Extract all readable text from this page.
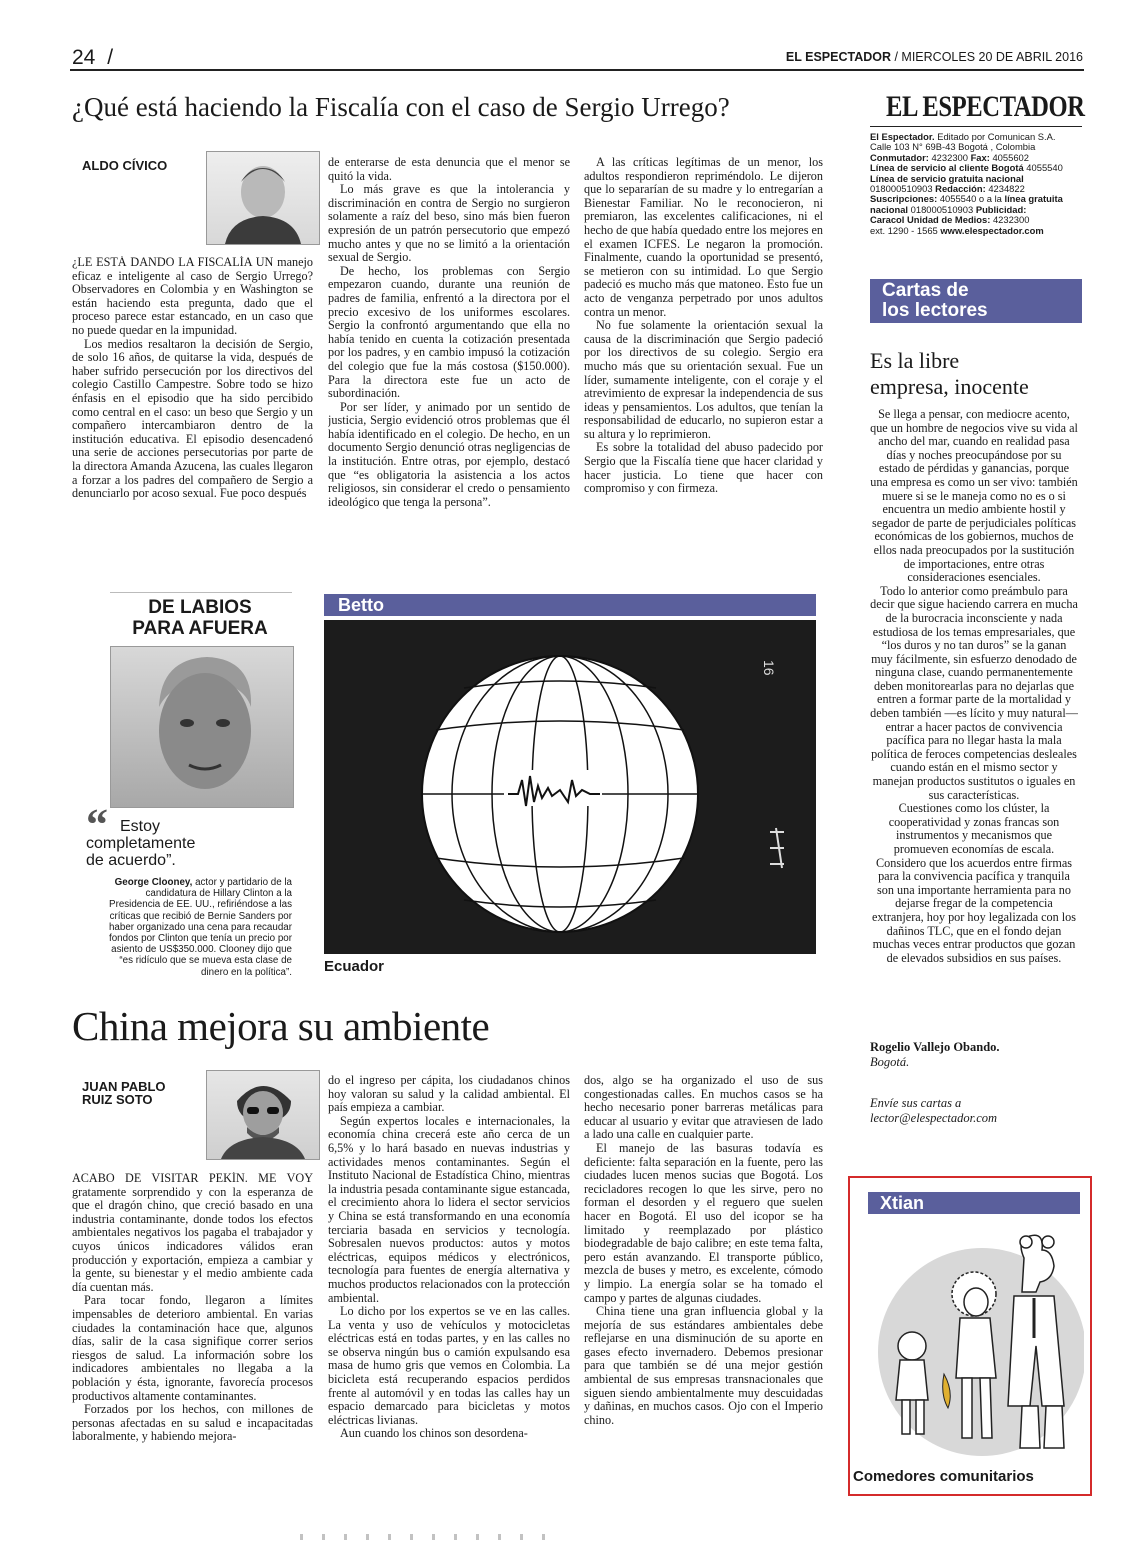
24 /	EL ESPECTADOR / MIERCOLES 20 DE ABRIL 2016
¿Qué está haciendo la Fiscalía con el caso de Sergio Urrego?
ALDO CÍVICO

¿LE ESTÁ DANDO LA FISCALÍA UN manejo eficaz e inteligente al caso de Sergio Urrego? Observadores en Colombia y en Washington se están haciendo esta pregunta, dado que el proceso parece estar estancado, en un caso que no puede quedar en la impunidad.

Los medios resaltaron la decisión de Sergio, de solo 16 años, de quitarse la vida, después de haber sufrido persecución por los directivos del colegio Castillo Campestre. Sobre todo se hizo énfasis en el episodio que ha sido percibido como central en el caso: un beso que Sergio y un compañero intercambiaron dentro de la institución educativa. El episodio desencadenó una serie de acciones persecutorias por parte de la directora Amanda Azucena, las cuales llegaron a forzar a los padres del compañero de Sergio a denunciarlo por acoso sexual. Fue poco después

de enterarse de esta denuncia que el menor se quitó la vida.

Lo más grave es que la intolerancia y discriminación en contra de Sergio no surgieron solamente a raíz del beso, sino más bien fueron expresión de un patrón persecutorio que empezó mucho antes y que no se limitó a la orientación sexual de Sergio.

De hecho, los problemas con Sergio empezaron cuando, durante una reunión de padres de familia, enfrentó a la directora por el precio excesivo de los uniformes escolares. Sergio la confrontó argumentando que ella no había tenido en cuenta la cotización presentada por los padres, y en cambio impusó la cotización del colegio que fue la más costosa ($150.000). Para la directora este fue un acto de subordinación.

Por ser líder, y animado por un sentido de justicia, Sergio evidenció otros problemas que él había identificado en el colegio. De hecho, en un documento Sergio denunció otras negligencias de la institución. Entre otras, por ejemplo, destacó que “es obligatoria la asistencia a los actos religiosos, sin considerar el credo o pensamiento ideológico que tenga la persona”.

A las críticas legítimas de un menor, los adultos respondieron repriméndolo. Le dijeron que lo separarían de su madre y lo entregarían a Bienestar Familiar. No le reconocieron, ni premiaron, las excelentes calificaciones, ni el hecho de que había quedado entre los mejores en el examen ICFES. Le negaron la promoción. Finalmente, cuando la oportunidad se presentó, se metieron con su intimidad. Lo que Sergio padeció es mucho más que matoneo. Esto fue un acto de venganza perpetrado por unos adultos contra un menor.

No fue solamente la orientación sexual la causa de la discriminación que Sergio padeció por los directivos de su colegio. Sergio era mucho más que su orientación sexual. Fue un líder, sumamente inteligente, con el coraje y el atrevimiento de expresar la independencia de sus ideas y pensamientos. Los adultos, que tenían la responsabilidad de educarlo, no supieron estar a su altura y lo reprimieron.

Es sobre la totalidad del abuso padecido por Sergio que la Fiscalía tiene que hacer claridad y hacer justicia. Lo tiene que hacer con compromiso y con firmeza.

EL ESPECTADOR
El Espectador. Editado por Comunican S.A.
Calle 103 N° 69B-43 Bogotá , Colombia
Conmutador: 4232300 Fax: 4055602
Línea de servicio al cliente Bogotá 4055540
Línea de servicio gratuita nacional
018000510903 Redacción: 4234822
Suscripciones: 4055540 o a la línea gratuita
nacional 018000510903 Publicidad:
Caracol Unidad de Medios: 4232300
ext. 1290 - 1565 www.elespectador.com
Cartas de
los lectores
Es la libre
empresa, inocente

Se llega a pensar, con mediocre acento, que un hombre de negocios vive su vida al ancho del mar, cuando en realidad pasa días y noches preocupándose por su estado de pérdidas y ganancias, porque una empresa es como un ser vivo: también muere si se le maneja como no es o si encuentra un medio ambiente hostil y segador de parte de perjudiciales políticas económicas de los gobiernos, muchos de ellos nada preocupados por la sustitución de importaciones, entre otras consideraciones esenciales.

Todo lo anterior como preámbulo para decir que sigue haciendo carrera en mucha de la burocracia inconsciente y nada estudiosa de los temas empresariales, que “los duros y no tan duros” se la ganan muy fácilmente, sin esfuerzo denodado de ninguna clase, cuando permanentemente deben monitorearlas para no dejarlas que entren a formar parte de la mortalidad y deben también —es lícito y muy natural— entrar a hacer pactos de convivencia pacífica para no llegar hasta la mala política de feroces competencias desleales cuando están en el mismo sector y manejan productos sustitutos o iguales en sus características.

Cuestiones como los clúster, la cooperatividad y zonas francas son instrumentos y mecanismos que promueven economías de escala.

Considero que los acuerdos entre firmas para la convivencia pacífica y tranquila son una importante herramienta para no dejarse fregar de la competencia extranjera, hoy por hoy legalizada con los dañinos TLC, que en el fondo dejan muchas veces entrar productos que gozan de elevados subsidios en sus países.

Rogelio Vallejo Obando.
Bogotá.
Envíe sus cartas a
lector@elespectador.com
DE LABIOS
PARA AFUERA
“ Estoy
completamente
de acuerdo”.
George Clooney, actor y partidario de la candidatura de Hillary Clinton a la Presidencia de EE. UU., refiriéndose a las críticas que recibió de Bernie Sanders por haber organizado una cena para recaudar fondos por Clinton que tenía un precio por asiento de US$350.000. Clooney dijo que “es ridículo que se mueva esta clase de dinero en la política”.
Betto
16
Ecuador
China mejora su ambiente
JUAN PABLO
RUIZ SOTO

ACABO DE VISITAR PEKÍN. ME VOY gratamente sorprendido y con la esperanza de que el dragón chino, que creció basado en una industria contaminante, donde todos los efectos ambientales negativos los pagaba el trabajador y cuyos únicos indicadores válidos eran producción y exportación, empieza a cambiar y la gente, su bienestar y el medio ambiente cada día cuentan más.

Para tocar fondo, llegaron a límites impensables de deterioro ambiental. En varias ciudades la contaminación hace que, algunos días, salir de la casa signifique correr serios riesgos de salud. La información sobre los indicadores ambientales no llegaba a la población y ésta, ignorante, favorecía procesos productivos altamente contaminantes.

Forzados por los hechos, con millones de personas afectadas en su salud e incapacitadas laboralmente, y habiendo mejora-

do el ingreso per cápita, los ciudadanos chinos hoy valoran su salud y la calidad ambiental. El país empieza a cambiar.

Según expertos locales e internacionales, la economía china crecerá este año cerca de un 6,5% y lo hará basado en nuevas industrias y actividades menos contaminantes. Según el Instituto Nacional de Estadística Chino, mientras la industria pesada contaminante sigue estancada, el crecimiento ahora lo lidera el sector servicios y China se está transformando en una economía terciaria basada en servicios y tecnología. Sobresalen nuevos productos: autos y motos eléctricas, equipos médicos y electrónicos, tecnología para fuentes de energía alternativa y muchos productos relacionados con la protección ambiental.

Lo dicho por los expertos se ve en las calles. La venta y uso de vehículos y motocicletas eléctricas está en todas partes, y en las calles no se observa ningún bus o camión expulsando esa masa de humo gris que vemos en Colombia. La bicicleta está recuperando espacios perdidos frente al automóvil y en todas las calles hay un espacio demarcado para bicicletas y motos eléctricas livianas.

Aun cuando los chinos son desordena-

dos, algo se ha organizado el uso de sus congestionadas calles. En muchos casos se ha hecho necesario poner barreras metálicas para educar al usuario y evitar que atraviesen de lado a lado una calle en cualquier parte.

El manejo de las basuras todavía es deficiente: falta separación en la fuente, pero las ciudades lucen menos sucias que Bogotá. Los recicladores recogen lo que les sirve, pero no forman el desorden y el reguero que suelen hacer en Bogotá. El uso del icopor se ha limitado y reemplazado por plástico biodegradable de bajo calibre; en este tema falta, pero están avanzando. El transporte público, mezcla de buses y metro, es excelente, cómodo y limpio. La energía solar se ha tomado el campo y partes de algunas ciudades.

China tiene una gran influencia global y la mejoría de sus estándares ambientales debe reflejarse en una disminución de su aporte en gases efecto invernadero. Debemos presionar para que también se dé una mejor gestión ambiental de sus empresas transnacionales que siguen siendo ambientalmente muy descuidadas y dañinas, en muchos casos. Ojo con el Imperio chino.

Xtian
Comedores comunitarios
